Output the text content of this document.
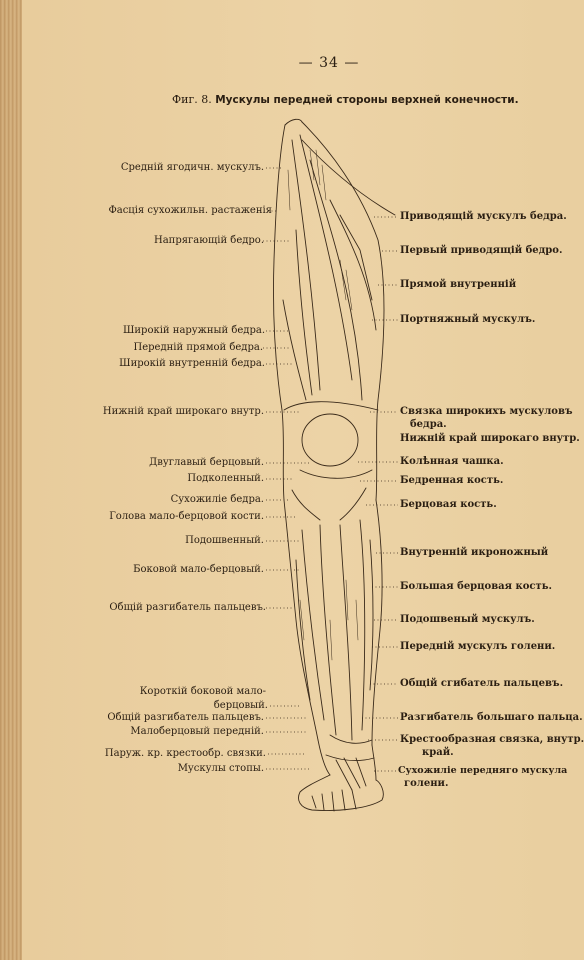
— 34 —
Фиг. 8. Мускулы передней стороны верхней конечности.
Средній ягодичн. мускулъ.
Фасція сухожильн. растаженія
Напрягающій бедро.
Широкій наружный бедра.
Передній прямой бедра.
Широкій внутренній бедра.
Нижній край широкаго внутр.
Двуглавый берцовый.
Подколенный.
Сухожиліе бедра.
Голова мало-берцовой кости.
Подошвенный.
Боковой мало-берцовый.
Общій разгибатель пальцевъ.
Короткій боковой мало-
берцовый.
Общій разгибатель пальцевъ.
Малоберцовый передній.
Паруж. кр. крестообр. связки.
Мускулы стопы.
Приводящій мускулъ бедра.
Первый приводящій бедро.
Прямой внутренній
Портняжный мускулъ.
Связка широкихъ мускуловъ
бедра.
Нижній край широкаго внутр.
Колѣнная чашка.
Бедренная кость.
Берцовая кость.
Внутренній икроножный
Большая берцовая кость.
Подошвеный мускулъ.
Передній мускулъ голени.
Общій сгибатель пальцевъ.
Разгибатель большаго пальца.
Крестообразная связка, внутр.
край.
Сухожиліе передняго мускула
голени.
